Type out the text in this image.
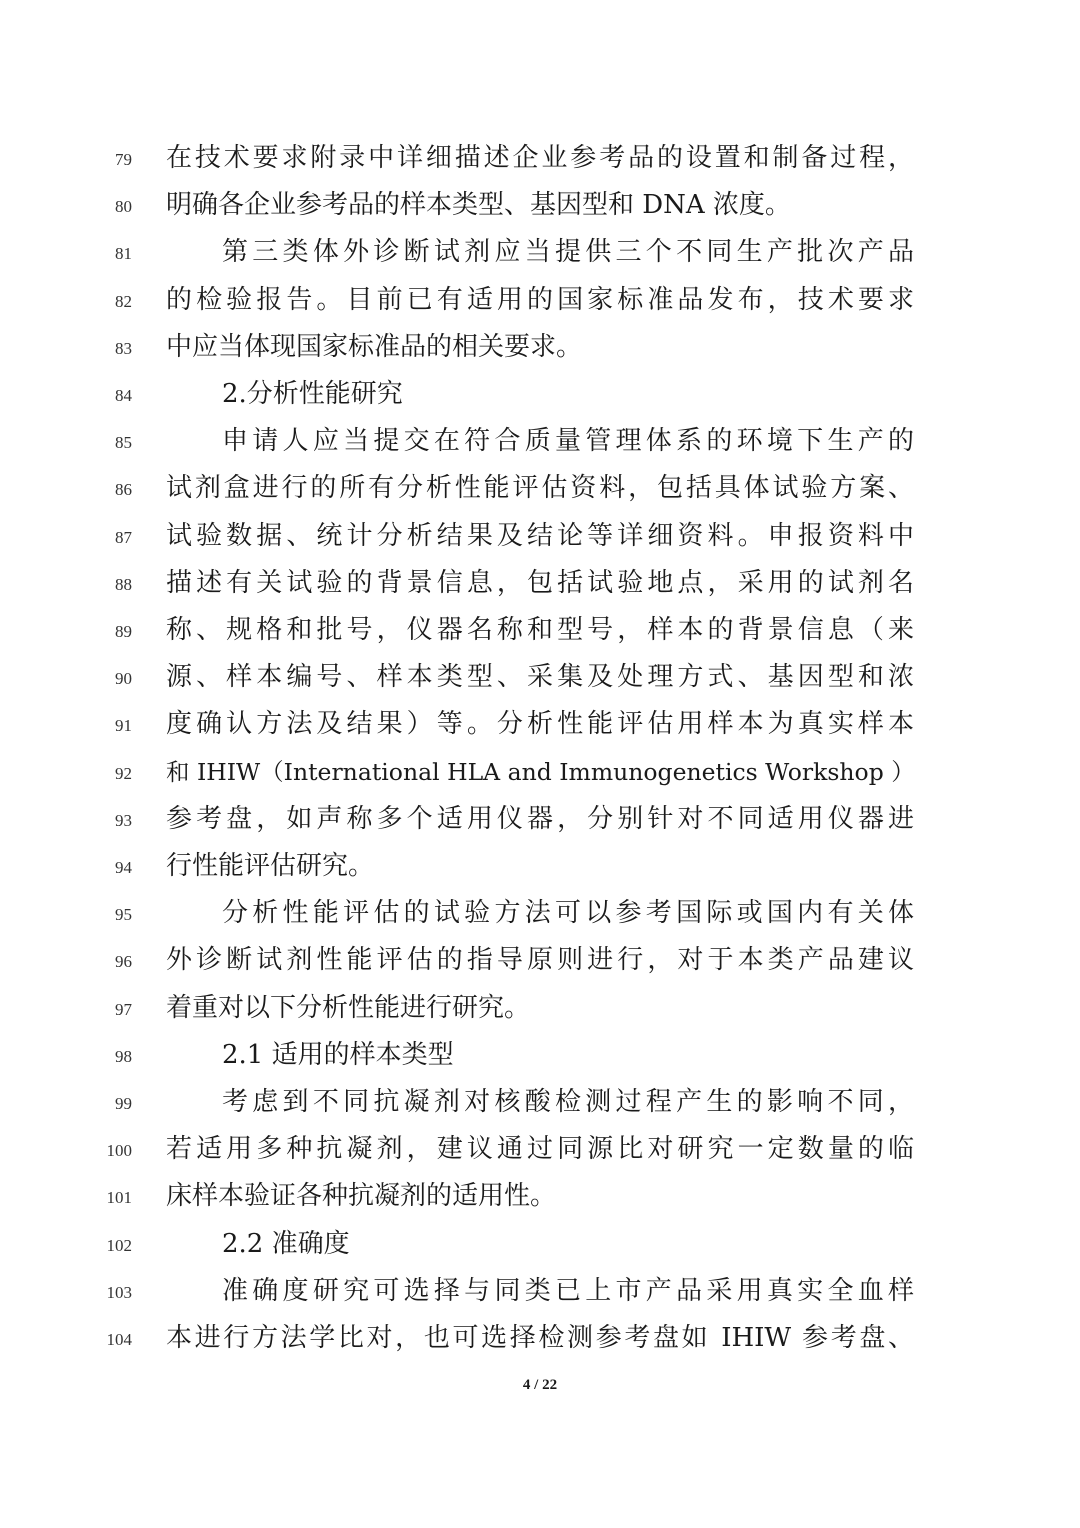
79 在技术要求附录中详细描述企业参考品的设置和制备过程，
80 明确各企业参考品的样本类型、基因型和 DNA 浓度。
81	第三类体外诊断试剂应当提供三个不同生产批次产品
82 的检验报告。目前已有适用的国家标准品发布，技术要求
83 中应当体现国家标准品的相关要求。
84	2.分析性能研究
85	申请人应当提交在符合质量管理体系的环境下生产的
86 试剂盒进行的所有分析性能评估资料，包括具体试验方案、
87 试验数据、统计分析结果及结论等详细资料。申报资料中
88 描述有关试验的背景信息，包括试验地点，采用的试剂名
89 称、规格和批号，仪器名称和型号，样本的背景信息（来
90 源、样本编号、样本类型、采集及处理方式、基因型和浓
91 度确认方法及结果）等。分析性能评估用样本为真实样本
92 和 IHIW（International HLA and Immunogenetics Workshop ）
93 参考盘，如声称多个适用仪器，分别针对不同适用仪器进
94 行性能评估研究。
95	分析性能评估的试验方法可以参考国际或国内有关体
96 外诊断试剂性能评估的指导原则进行，对于本类产品建议
97 着重对以下分析性能进行研究。
98	2.1 适用的样本类型
99	考虑到不同抗凝剂对核酸检测过程产生的影响不同，
100 若适用多种抗凝剂，建议通过同源比对研究一定数量的临
101 床样本验证各种抗凝剂的适用性。
102	2.2 准确度
103	准确度研究可选择与同类已上市产品采用真实全血样
104 本进行方法学比对，也可选择检测参考盘如 IHIW 参考盘、
4 / 22
